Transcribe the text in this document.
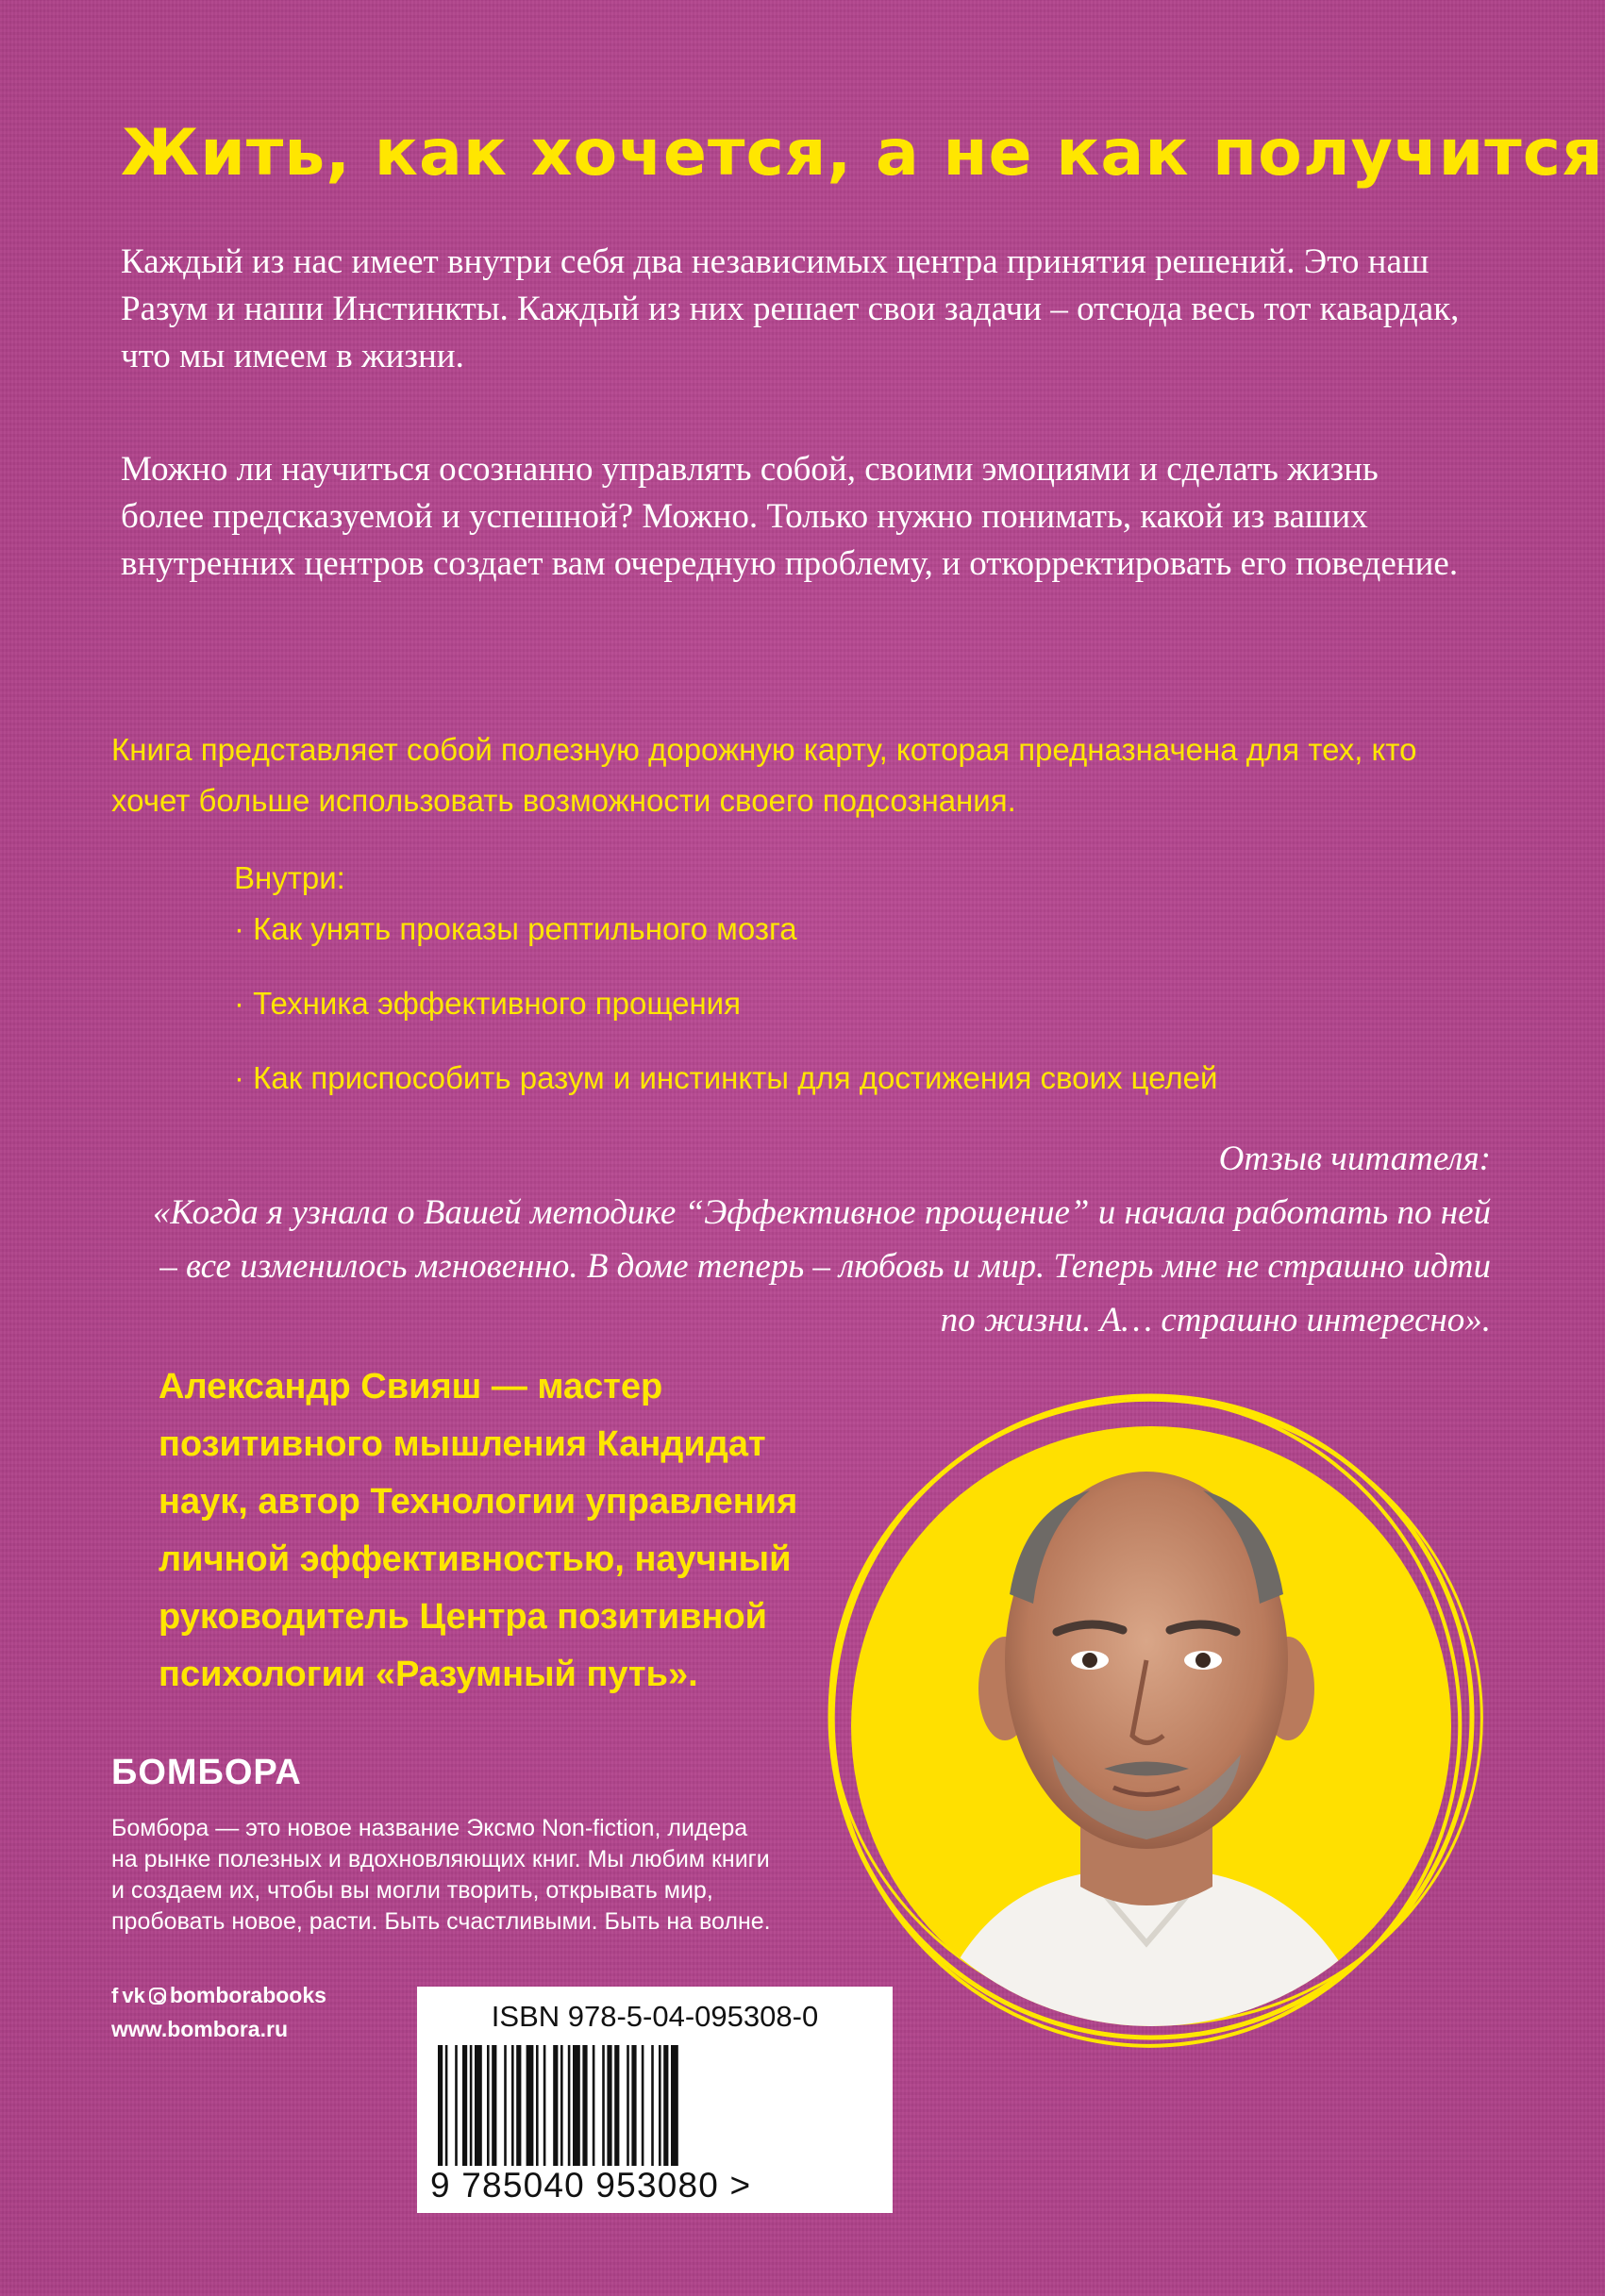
Жить, как хочется, а не как получится
Каждый из нас имеет внутри себя два независимых центра принятия решений. Это наш Разум и наши Инстинкты. Каждый из них решает свои задачи – отсюда весь тот кавардак, что мы имеем в жизни.
Можно ли научиться осознанно управлять собой, своими эмоциями и сделать жизнь более предсказуемой и успешной? Можно. Только нужно понимать, какой из ваших внутренних центров создает вам очередную проблему, и откорректировать его поведение.
Книга представляет собой полезную дорожную карту, которая предназначена для тех, кто хочет больше использовать возможности своего подсознания.
Внутри:
· Как унять проказы рептильного мозга
· Техника эффективного прощения
· Как приспособить разум и инстинкты для достижения своих целей
Отзыв читателя:
«Когда я узнала о Вашей методике “Эффективное прощение” и начала работать по ней – все изменилось мгновенно. В доме теперь – любовь и мир. Теперь мне не страшно идти по жизни. А… страшно интересно».
Александр Свияш — мастер позитивного мышления Кандидат наук, автор Технологии управления личной эффективностью, научный руководитель Центра позитивной психологии «Разумный путь».
БОМБОРА
Бомбора — это новое название Эксмо Non-fiction, лидера на рынке полезных и вдохновляющих книг. Мы любим книги и создаем их, чтобы вы могли творить, открывать мир, пробовать новое, расти. Быть счастливыми. Быть на волне.
f vk bomborabooks
www.bombora.ru	ISBN 978-5-04-095308-0
9 785040 953080 >
